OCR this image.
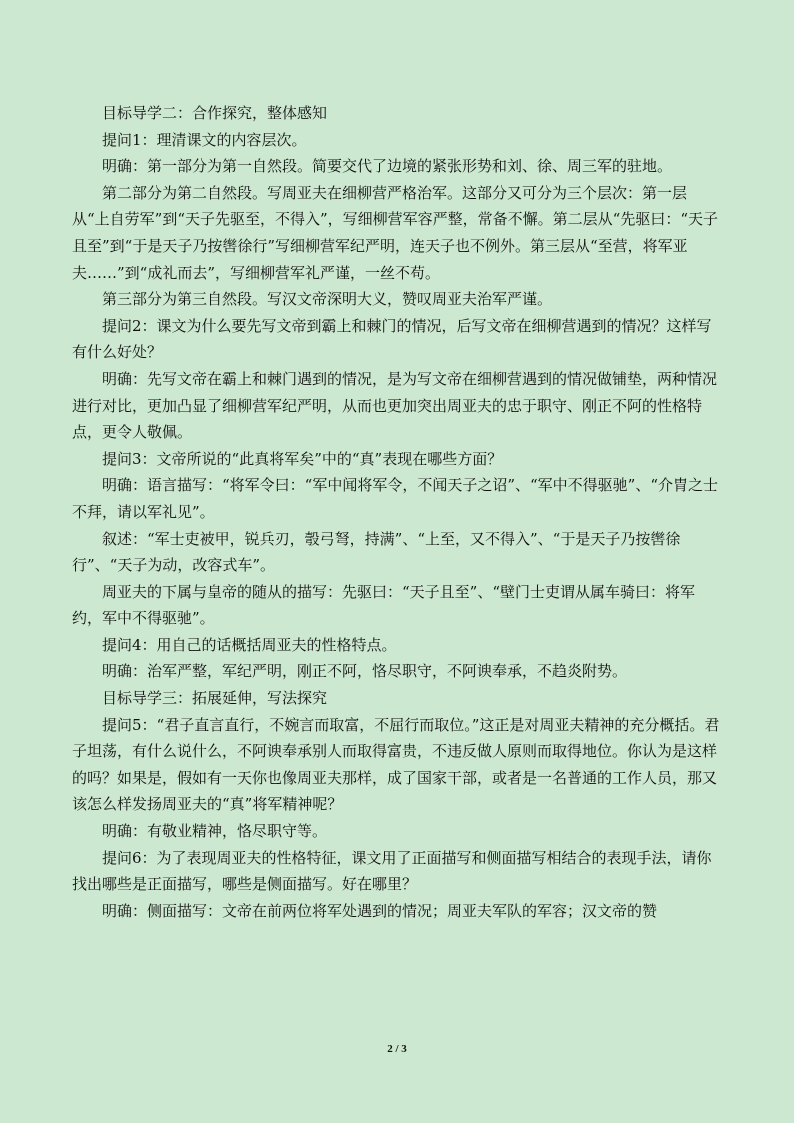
目标导学二：合作探究，整体感知

提问1：理清课文的内容层次。

明确：第一部分为第一自然段。简要交代了边境的紧张形势和刘、徐、周三军的驻地。

第二部分为第二自然段。写周亚夫在细柳营严格治军。这部分又可分为三个层次：第一层从“上自劳军”到“天子先驱至，不得入”，写细柳营军容严整，常备不懈。第二层从“先驱曰：“天子且至”到“于是天子乃按辔徐行”写细柳营军纪严明，连天子也不例外。第三层从“至营，将军亚夫……”到“成礼而去”，写细柳营军礼严谨，一丝不苟。

第三部分为第三自然段。写汉文帝深明大义，赞叹周亚夫治军严谨。

提问2：课文为什么要先写文帝到霸上和棘门的情况，后写文帝在细柳营遇到的情况？这样写有什么好处？

明确：先写文帝在霸上和棘门遇到的情况，是为写文帝在细柳营遇到的情况做铺垫，两种情况进行对比，更加凸显了细柳营军纪严明，从而也更加突出周亚夫的忠于职守、刚正不阿的性格特点，更令人敬佩。

提问3：文帝所说的“此真将军矣”中的“真”表现在哪些方面？

明确：语言描写：“将军令曰：“军中闻将军令，不闻天子之诏”、“军中不得驱驰”、“介胄之士不拜，请以军礼见”。

叙述：“军士吏被甲，锐兵刃，彀弓弩，持满”、“上至，又不得入”、“于是天子乃按辔徐行”、“天子为动，改容式车”。

周亚夫的下属与皇帝的随从的描写：先驱曰：“天子且至”、“壁门士吏谓从属车骑曰：将军约，军中不得驱驰”。

提问4：用自己的话概括周亚夫的性格特点。

明确：治军严整，军纪严明，刚正不阿，恪尽职守，不阿谀奉承，不趋炎附势。

目标导学三：拓展延伸，写法探究

提问5：“君子直言直行，不婉言而取富，不屈行而取位。”这正是对周亚夫精神的充分概括。君子坦荡，有什么说什么，不阿谀奉承别人而取得富贵，不违反做人原则而取得地位。你认为是这样的吗？如果是，假如有一天你也像周亚夫那样，成了国家干部，或者是一名普通的工作人员，那又该怎么样发扬周亚夫的“真”将军精神呢？

明确：有敬业精神，恪尽职守等。

提问6：为了表现周亚夫的性格特征，课文用了正面描写和侧面描写相结合的表现手法，请你找出哪些是正面描写，哪些是侧面描写。好在哪里？

明确：侧面描写：文帝在前两位将军处遇到的情况；周亚夫军队的军容；汉文帝的赞

2 / 3
